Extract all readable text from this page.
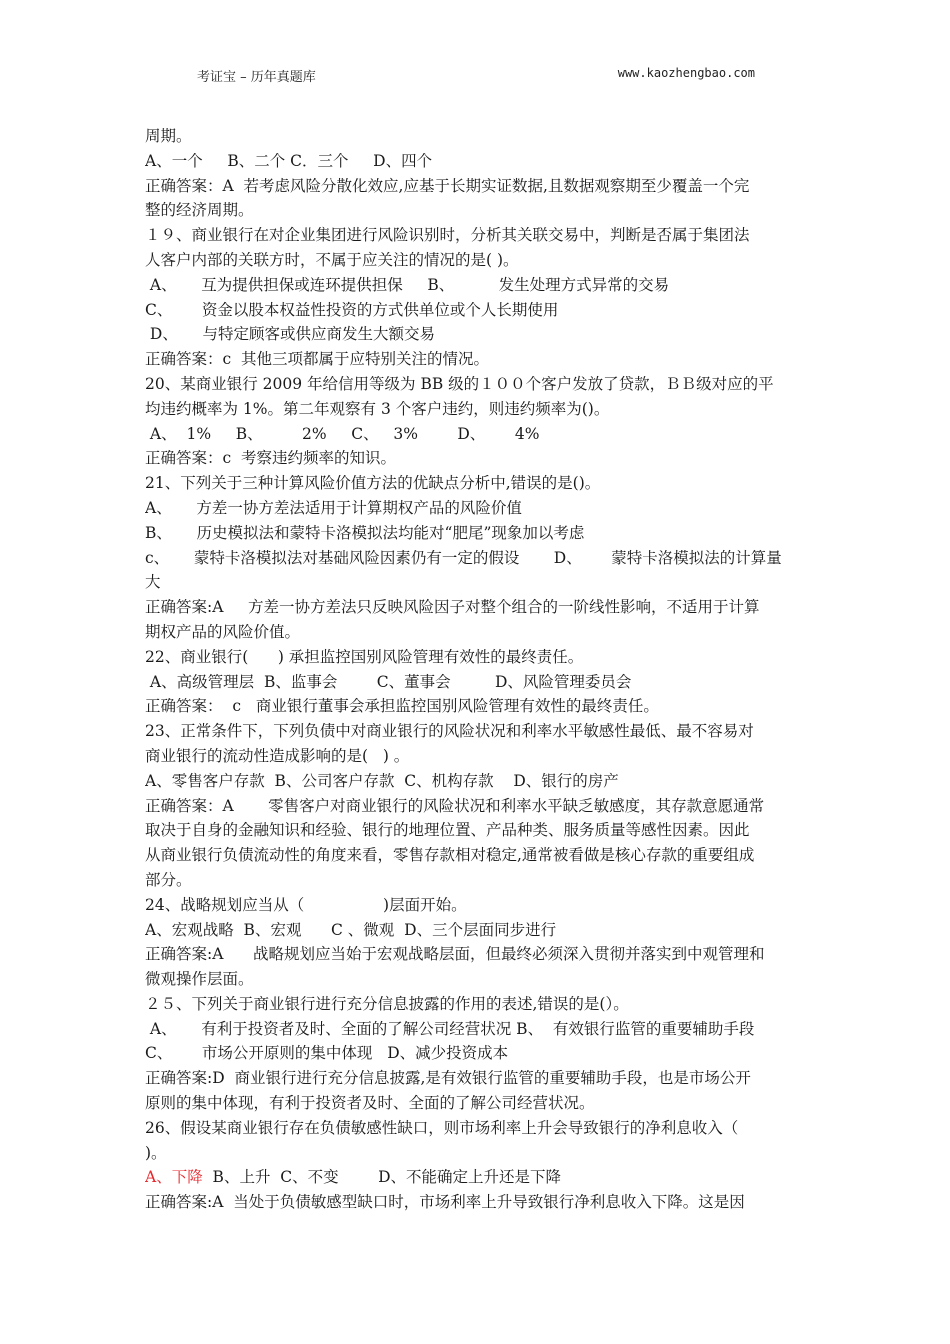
考证宝 – 历年真题库	www.kaozhengbao.com
周期。
A、一个     B、二个 C．三个     D、四个
正确答案：A  若考虑风险分散化效应,应基于长期实证数据,且数据观察期至少覆盖一个完
整的经济周期。
１９、商业银行在对企业集团进行风险识别时，分析其关联交易中，判断是否属于集团法
人客户内部的关联方时，不属于应关注的情况的是( )。
A、     互为提供担保或连环提供担保     B、         发生处理方式异常的交易
C、      资金以股本权益性投资的方式供单位或个人长期使用
D、     与特定顾客或供应商发生大额交易
正确答案：c  其他三项都属于应特别关注的情况。
20、某商业银行 2009 年给信用等级为 BB 级的１００个客户发放了贷款，ＢＢ级对应的平
均违约概率为 1%。第二年观察有 3 个客户违约，则违约频率为()。
A、  1%     B、        2%     C、   3%        D、      4%
正确答案：c  考察违约频率的知识。
21、下列关于三种计算风险价值方法的优缺点分析中,错误的是()。
A、     方差一协方差法适用于计算期权产品的风险价值
B、     历史模拟法和蒙特卡洛模拟法均能对“肥尾”现象加以考虑
c、     蒙特卡洛模拟法对基础风险因素仍有一定的假设       D、      蒙特卡洛模拟法的计算量
大
正确答案:A     方差一协方差法只反映风险因子对整个组合的一阶线性影响，不适用于计算
期权产品的风险价值。
22、商业银行(      ) 承担监控国别风险管理有效性的最终责任。
A、高级管理层  B、监事会        C、董事会         D、风险管理委员会
正确答案：  c   商业银行董事会承担监控国别风险管理有效性的最终责任。
23、正常条件下，下列负债中对商业银行的风险状况和利率水平敏感性最低、最不容易对
商业银行的流动性造成影响的是(   ) 。
A、零售客户存款  B、公司客户存款  C、机构存款    D、银行的房产
正确答案：A       零售客户对商业银行的风险状况和利率水平缺乏敏感度，其存款意愿通常
取决于自身的金融知识和经验、银行的地理位置、产品种类、服务质量等感性因素。因此
从商业银行负债流动性的角度来看，零售存款相对稳定,通常被看做是核心存款的重要组成
部分。
24、战略规划应当从（                )层面开始。
A、宏观战略  B、宏观      C 、微观  D、三个层面同步进行
正确答案:A      战略规划应当始于宏观战略层面，但最终必须深入贯彻并落实到中观管理和
微观操作层面。
２５、下列关于商业银行进行充分信息披露的作用的表述,错误的是(）。
A、     有利于投资者及时、全面的了解公司经营状况 B、  有效银行监管的重要辅助手段
C、      市场公开原则的集中体现   D、减少投资成本
正确答案:D  商业银行进行充分信息披露,是有效银行监管的重要辅助手段，也是市场公开
原则的集中体现，有利于投资者及时、全面的了解公司经营状况。
26、假设某商业银行存在负债敏感性缺口，则市场利率上升会导致银行的净利息收入（
)。
A、下降  B、上升  C、不变        D、不能确定上升还是下降
正确答案:A  当处于负债敏感型缺口时，市场利率上升导致银行净利息收入下降。这是因
